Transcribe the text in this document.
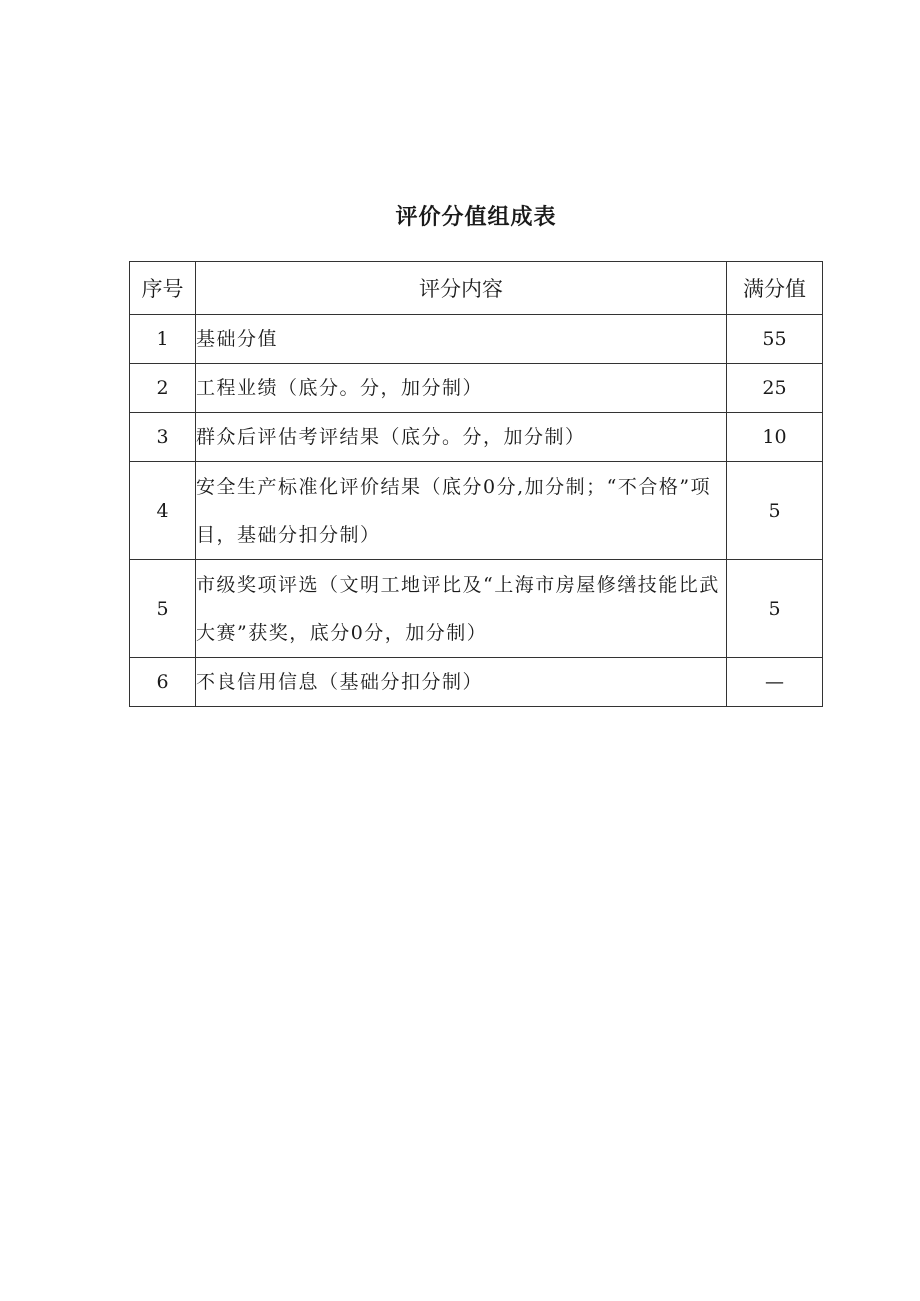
评价分值组成表
序号	评分内容	满分值
1	基础分值	55
2	工程业绩（底分。分，加分制）	25
3	群众后评估考评结果（底分。分，加分制）	10
4	安全生产标准化评价结果（底分0分,加分制；“不合格”项目，基础分扣分制）	5
5	市级奖项评选（文明工地评比及“上海市房屋修缮技能比武大赛”获奖，底分0分，加分制）	5
6	不良信用信息（基础分扣分制）	—
